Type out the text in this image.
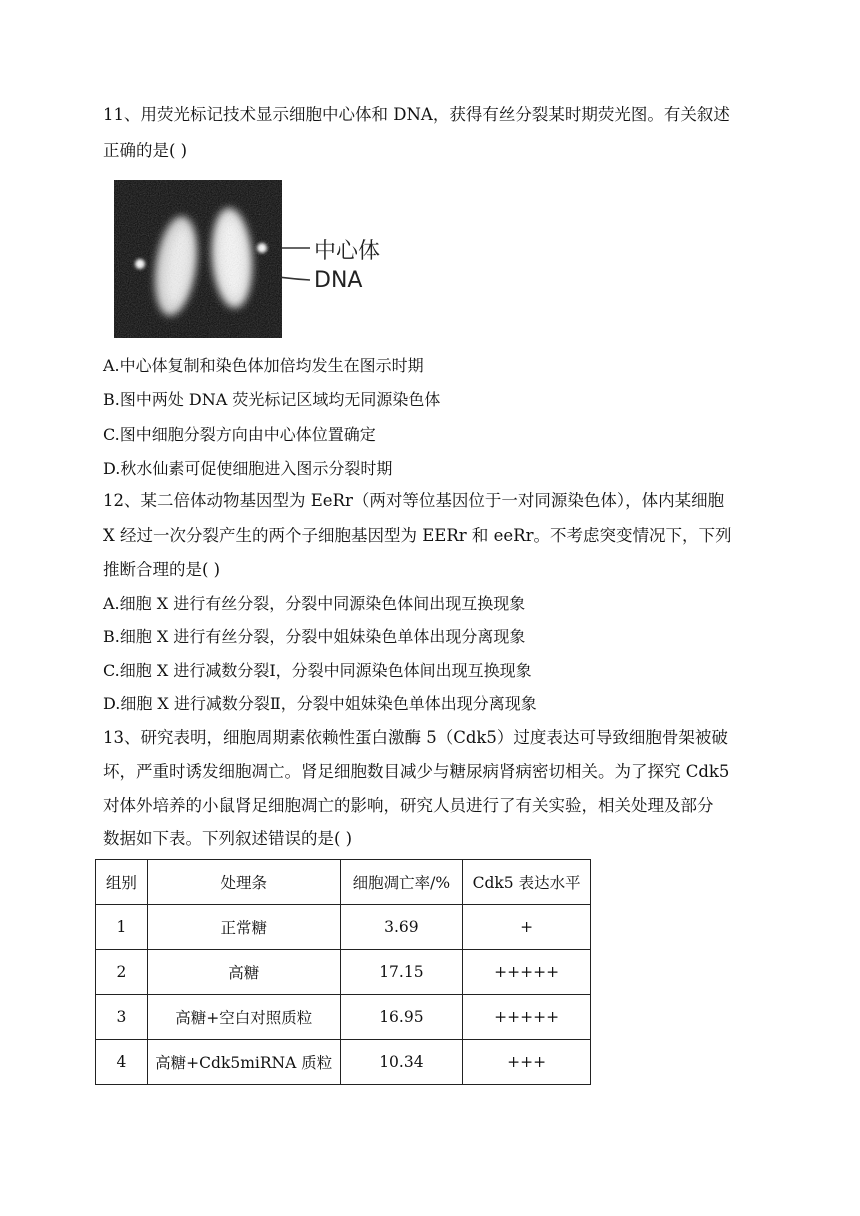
11、用荧光标记技术显示细胞中心体和 DNA，获得有丝分裂某时期荧光图。有关叙述
正确的是( )
中心体
DNA
A.中心体复制和染色体加倍均发生在图示时期
B.图中两处 DNA 荧光标记区域均无同源染色体
C.图中细胞分裂方向由中心体位置确定
D.秋水仙素可促使细胞进入图示分裂时期
12、某二倍体动物基因型为 EeRr（两对等位基因位于一对同源染色体），体内某细胞
X 经过一次分裂产生的两个子细胞基因型为 EERr 和 eeRr。不考虑突变情况下，下列
推断合理的是( )
A.细胞 X 进行有丝分裂，分裂中同源染色体间出现互换现象
B.细胞 X 进行有丝分裂，分裂中姐妹染色单体出现分离现象
C.细胞 X 进行减数分裂Ⅰ，分裂中同源染色体间出现互换现象
D.细胞 X 进行减数分裂Ⅱ，分裂中姐妹染色单体出现分离现象
13、研究表明，细胞周期素依赖性蛋白激酶 5（Cdk5）过度表达可导致细胞骨架被破
坏，严重时诱发细胞凋亡。肾足细胞数目减少与糖尿病肾病密切相关。为了探究 Cdk5
对体外培养的小鼠肾足细胞凋亡的影响，研究人员进行了有关实验，相关处理及部分
数据如下表。下列叙述错误的是( )
组别	处理条	细胞凋亡率/%	Cdk5 表达水平
1	正常糖	3.69	+
2	高糖	17.15	+++++
3	高糖+空白对照质粒	16.95	+++++
4	高糖+Cdk5miRNA 质粒	10.34	+++
